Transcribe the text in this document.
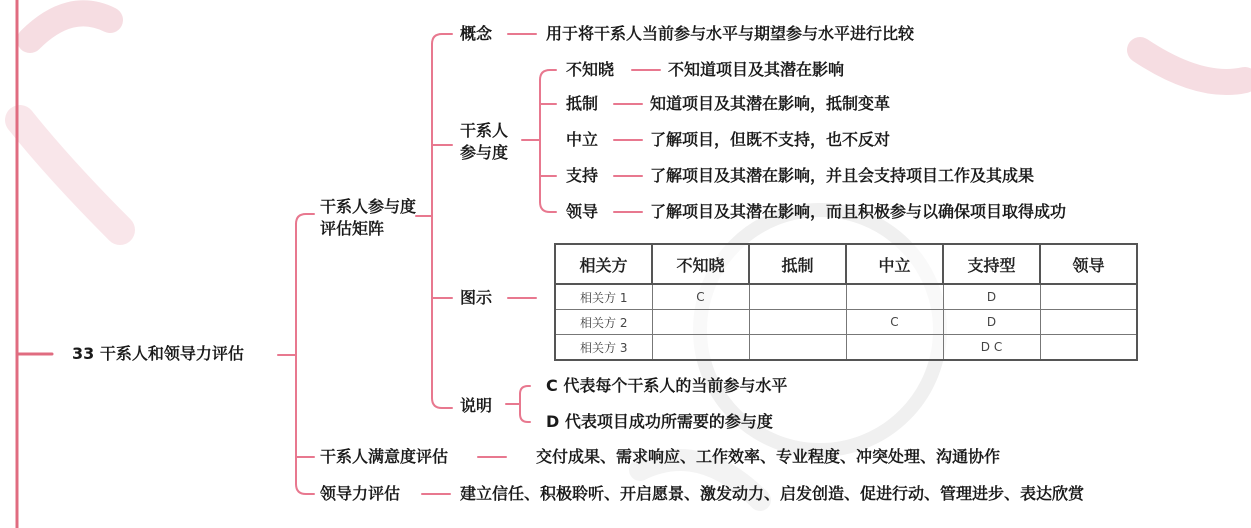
33 干系人和领导力评估
干系人参与度评估矩阵
概念	用于将干系人当前参与水平与期望参与水平进行比较
干系人参与度
不知晓	不知道项目及其潜在影响
抵制	知道项目及其潜在影响，抵制变革
中立	了解项目，但既不支持，也不反对
支持	了解项目及其潜在影响，并且会支持项目工作及其成果
领导	了解项目及其潜在影响，而且积极参与以确保项目取得成功
图示
相关方	不知晓	抵制	中立	支持型	领导
相关方 1	C			D	
相关方 2			C	D	
相关方 3				D C	
说明
C 代表每个干系人的当前参与水平
D 代表项目成功所需要的参与度
干系人满意度评估	交付成果、需求响应、工作效率、专业程度、冲突处理、沟通协作
领导力评估	建立信任、积极聆听、开启愿景、激发动力、启发创造、促进行动、管理进步、表达欣赏
